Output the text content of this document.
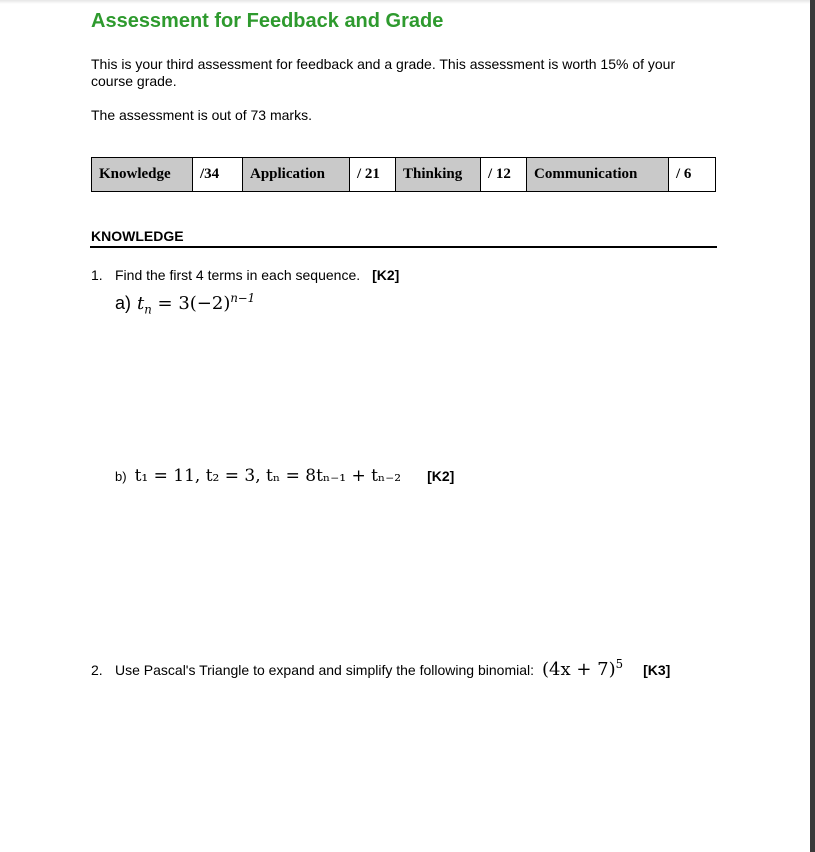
Assessment for Feedback and Grade

This is your third assessment for feedback and a grade. This assessment is worth 15% of your course grade.

The assessment is out of 73 marks.

Knowledge	/34	Application	/ 21	Thinking	/ 12	Communication	/ 6
KNOWLEDGE
1. Find the first 4 terms in each sequence. [K2]
a) $t_n = 3(-2)^{n-1}$
b) t₁ = 11, t₂ = 3, tₙ = 8tₙ₋₁ + tₙ₋₂ [K2]
2. Use Pascal's Triangle to expand and simplify the following binomial: $(4x + 7)^5$ [K3]
